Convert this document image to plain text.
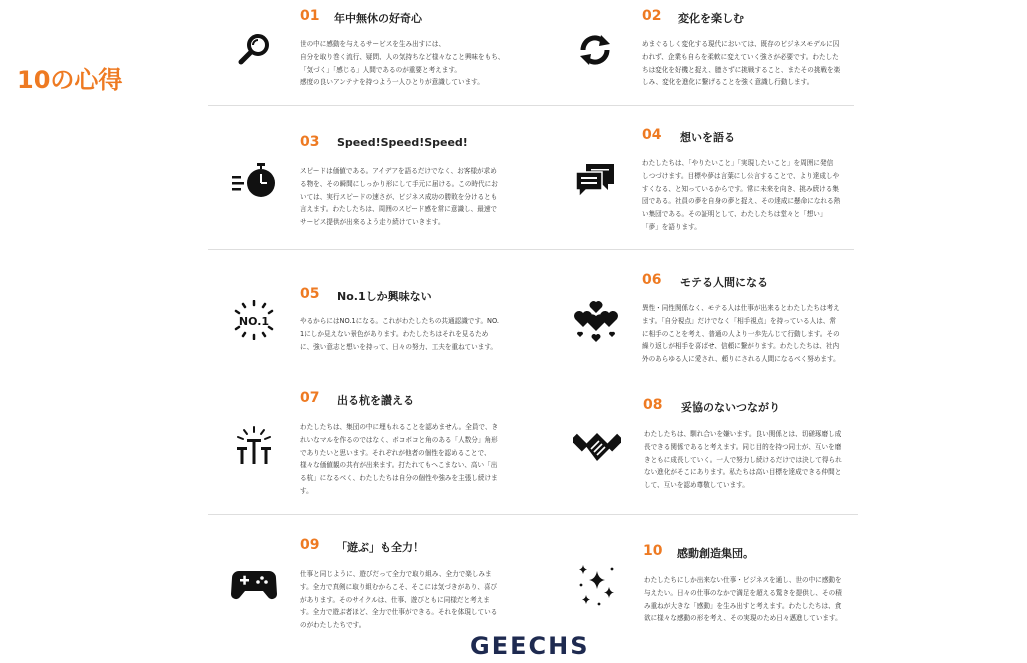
10の心得
01 年中無休の好奇心
世の中に感動を与えるサービスを生み出すには、
自分を取り巻く流行、疑問、人の気持ちなど様々なこと興味をもち、
「気づく」「感じる」人間であるのが重要と考えます。
感度の良いアンテナを持つよう一人ひとりが意識しています。
02 変化を楽しむ
めまぐるしく変化する現代においては、既存のビジネスモデルに囚
われず、企業も自らを柔軟に変えていく強さが必要です。わたした
ちは変化を好機と捉え、臆さずに挑戦すること、またその挑戦を楽
しみ、変化を進化に繋げることを強く意識し行動します。
03 Speed!Speed!Speed!
スピードは価値である。アイデアを語るだけでなく、お客様が求め
る物を、その瞬間にしっかり形にして手元に届ける。この時代にお
いては、実行スピードの速さが、ビジネス成功の勝敗を分けるとも
言えます。わたしたちは、周囲のスピード感を常に意識し、最速で
サービス提供が出来るよう走り続けていきます。
04 想いを語る
わたしたちは、「やりたいこと」「実現したいこと」を周囲に発信
しつづけます。目標や夢は言葉にし公言することで、より達成しや
すくなる、と知っているからです。常に未来を向き、挑み続ける集
団である。社員の夢を自身の夢と捉え、その達成に懸命になれる熱
い集団である。その証明として、わたしたちは堂々と「想い」
「夢」を語ります。
NO.1
05 No.1しか興味ない
やるからにはNO.1になる。これがわたしたちの共通認識です。NO.
1にしか見えない景色があります。わたしたちはそれを見るため
に、強い意志と想いを持って、日々の努力、工夫を重ねています。
06 モテる人間になる
異性・同性関係なく、モテる人は仕事が出来るとわたしたちは考え
ます。「自分視点」だけでなく「相手視点」を持っている人は、常
に相手のことを考え、普通の人より一歩先んじて行動します。その
繰り返しが相手を喜ばせ、信頼に繋がります。わたしたちは、社内
外のあらゆる人に愛され、頼りにされる人間になるべく努めます。
07 出る杭を讃える
わたしたちは、集団の中に埋もれることを認めません。全員で、き
れいなマルを作るのではなく、ボコボコと角のある「人数分」角形
でありたいと思います。それぞれが他者の個性を認めることで、
様々な価値観の共有が出来ます。打たれてもへこまない、高い「出
る杭」になるべく、わたしたちは自分の個性や強みを主張し続けま
す。
08 妥協のないつながり
わたしたちは、馴れ合いを嫌います。良い関係とは、切磋琢磨し成
長できる関係であると考えます。同じ目的を持つ同士が、互いを磨
きともに成長していく。一人で努力し続けるだけでは決して得られ
ない進化がそこにあります。私たちは高い目標を達成できる仲間と
して、互いを認め尊敬しています。
09 「遊ぶ」も全力！
仕事と同じように、遊びだって全力で取り組み、全力で楽しみま
す。全力で真剣に取り組むからこそ、そこには気づきがあり、喜び
があります。そのサイクルは、仕事、遊びともに同様だと考えま
す。全力で遊ぶ者ほど、全力で仕事ができる。それを体現している
のがわたしたちです。
10 感動創造集団。
わたしたちにしか出来ない仕事・ビジネスを通し、世の中に感動を
与えたい。日々の仕事のなかで満足を超える驚きを提供し、その積
み重ねが大きな「感動」を生み出すと考えます。わたしたちは、貪
欲に様々な感動の形を考え、その実現のため日々邁進しています。
GEECHS
